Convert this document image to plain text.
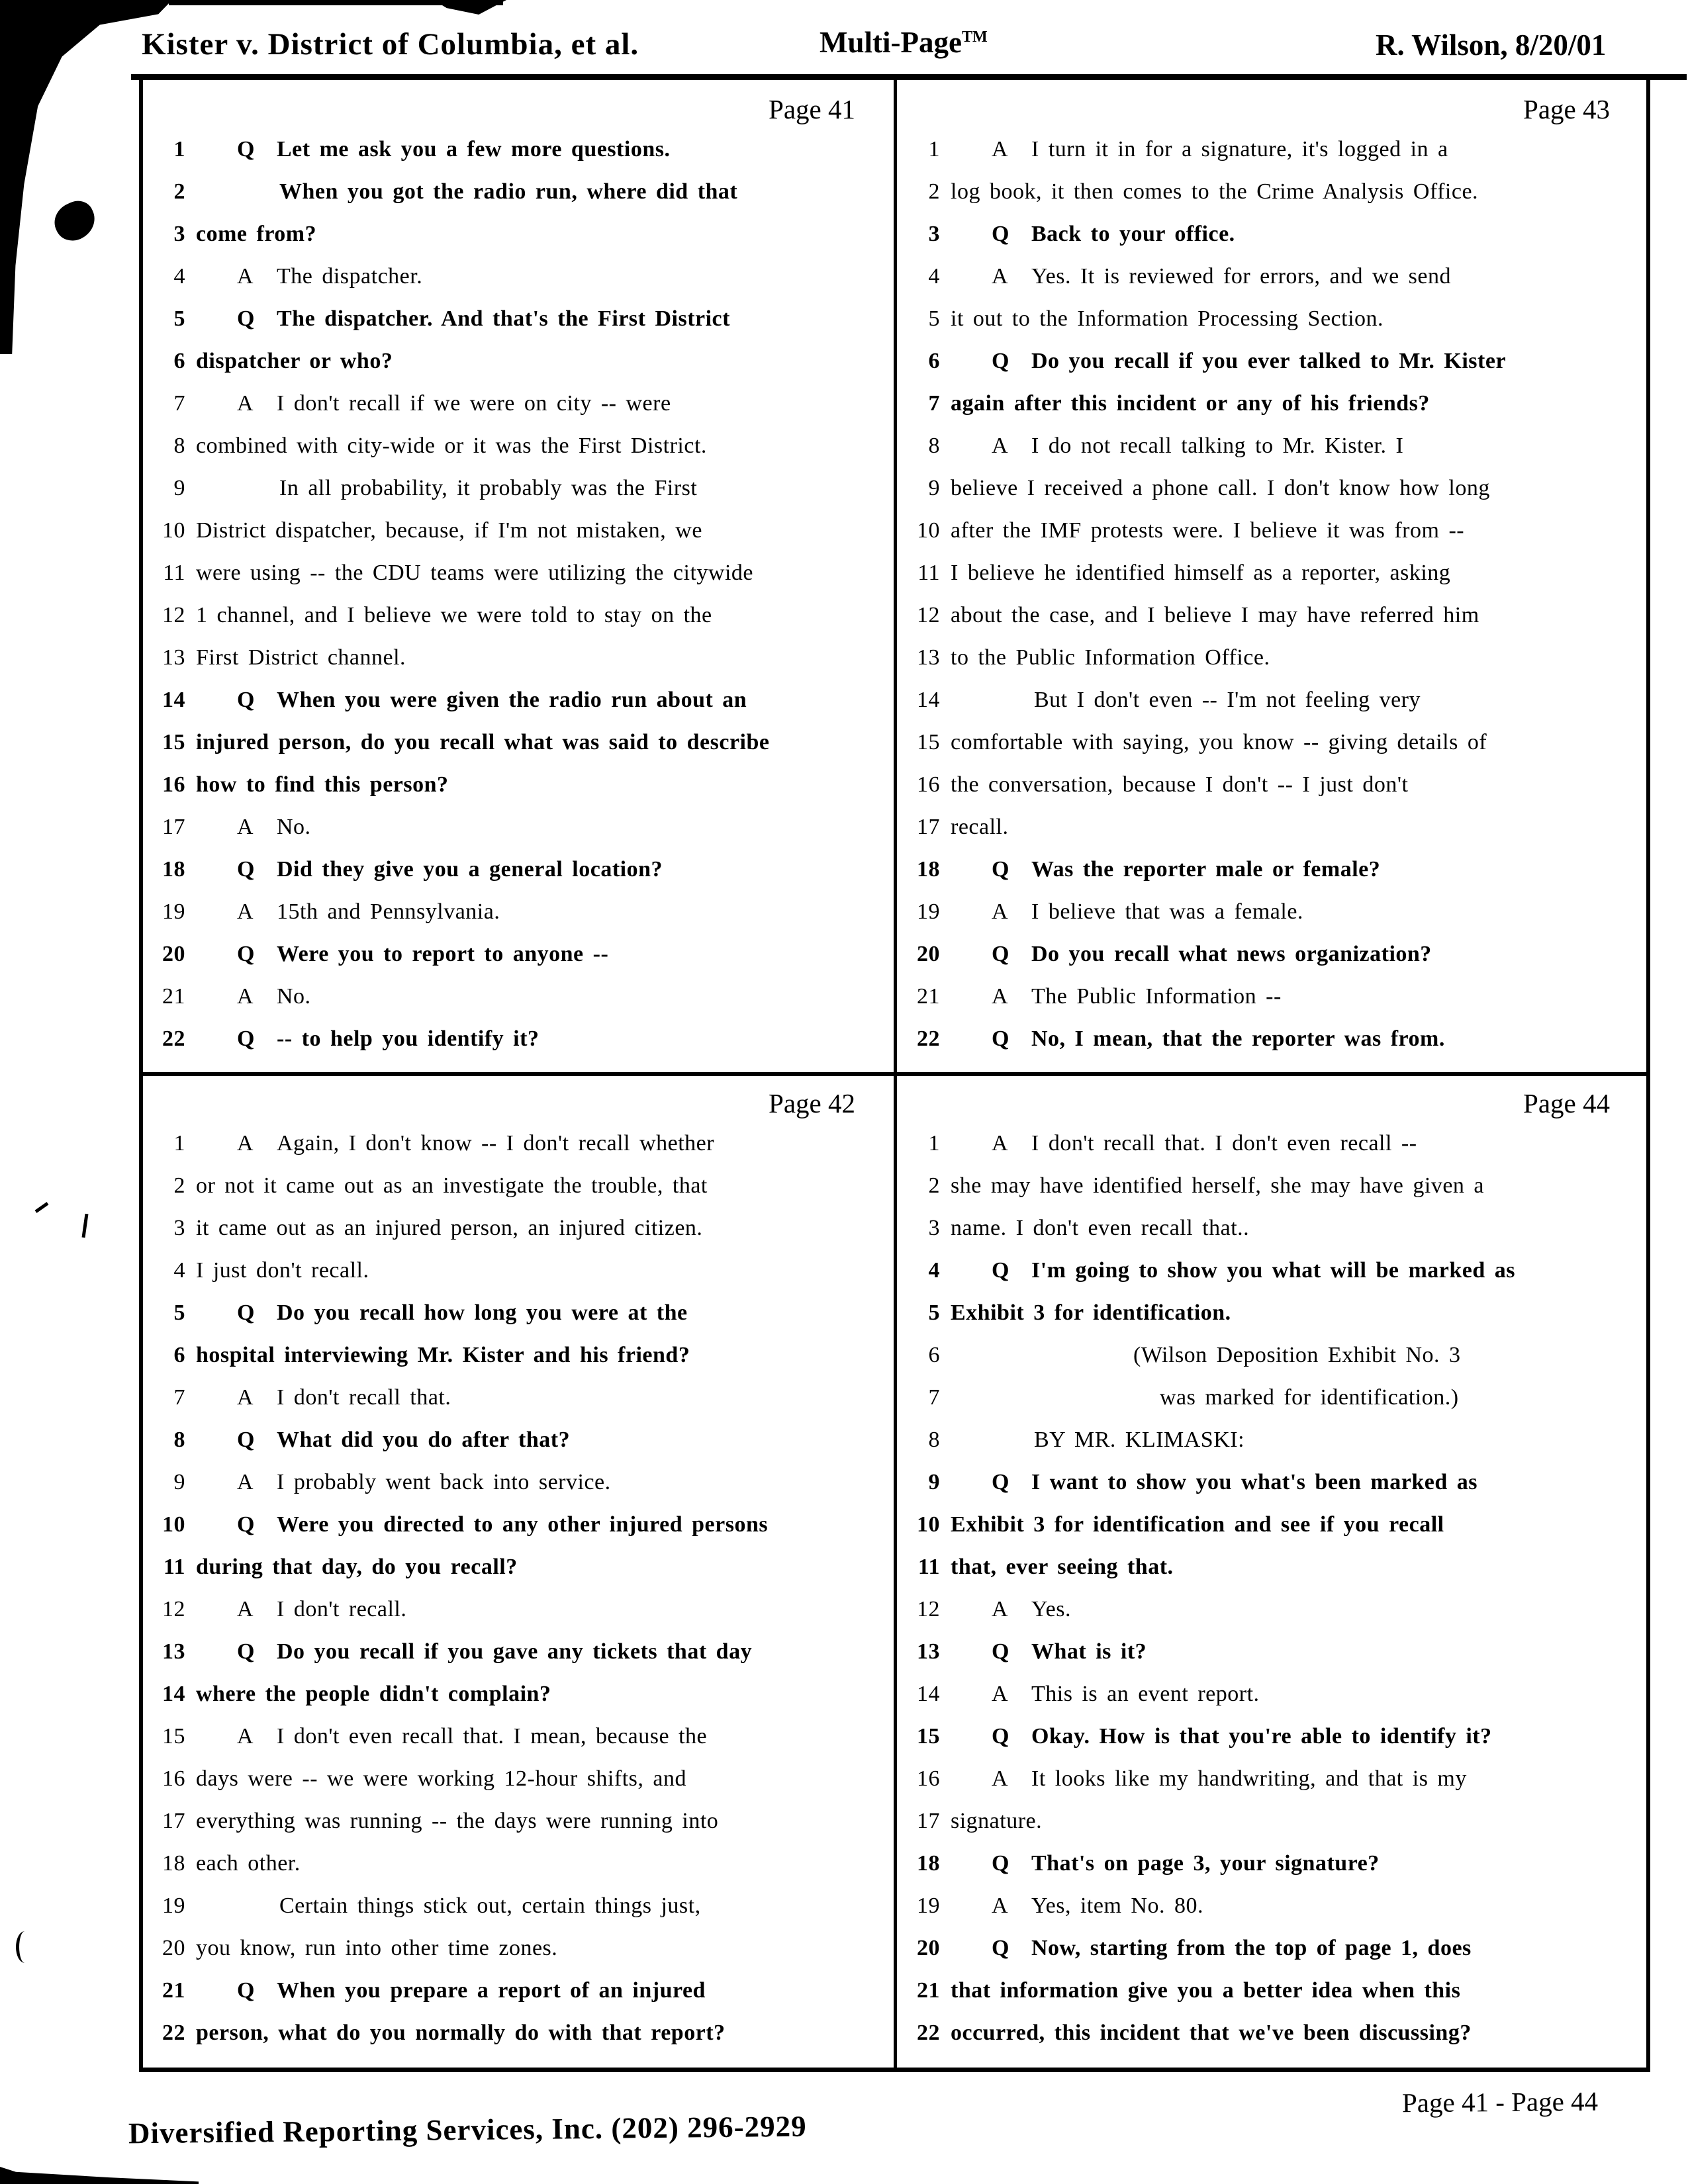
Kister v. District of Columbia, et al.	Multi-Page™	R. Wilson, 8/20/01
Page 41
1 Q Let me ask you a few more questions.
2	When you got the radio run, where did that
3 come from?
4 A The dispatcher.
5 Q The dispatcher. And that's the First District
6 dispatcher or who?
7 A I don't recall if we were on city -- were
8 combined with city-wide or it was the First District.
9	In all probability, it probably was the First
10 District dispatcher, because, if I'm not mistaken, we
11 were using -- the CDU teams were utilizing the citywide
12 1 channel, and I believe we were told to stay on the
13 First District channel.
14 Q When you were given the radio run about an
15 injured person, do you recall what was said to describe
16 how to find this person?
17 A No.
18 Q Did they give you a general location?
19 A 15th and Pennsylvania.
20 Q Were you to report to anyone --
21 A No.
22 Q -- to help you identify it?
Page 43
1 A I turn it in for a signature, it's logged in a
2 log book, it then comes to the Crime Analysis Office.
3 Q Back to your office.
4 A Yes. It is reviewed for errors, and we send
5 it out to the Information Processing Section.
6 Q Do you recall if you ever talked to Mr. Kister
7 again after this incident or any of his friends?
8 A I do not recall talking to Mr. Kister. I
9 believe I received a phone call. I don't know how long
10 after the IMF protests were. I believe it was from --
11 I believe he identified himself as a reporter, asking
12 about the case, and I believe I may have referred him
13 to the Public Information Office.
14	But I don't even -- I'm not feeling very
15 comfortable with saying, you know -- giving details of
16 the conversation, because I don't -- I just don't
17 recall.
18 Q Was the reporter male or female?
19 A I believe that was a female.
20 Q Do you recall what news organization?
21 A The Public Information --
22 Q No, I mean, that the reporter was from.
Page 42
1 A Again, I don't know -- I don't recall whether
2 or not it came out as an investigate the trouble, that
3 it came out as an injured person, an injured citizen.
4 I just don't recall.
5 Q Do you recall how long you were at the
6 hospital interviewing Mr. Kister and his friend?
7 A I don't recall that.
8 Q What did you do after that?
9 A I probably went back into service.
10 Q Were you directed to any other injured persons
11 during that day, do you recall?
12 A I don't recall.
13 Q Do you recall if you gave any tickets that day
14 where the people didn't complain?
15 A I don't even recall that. I mean, because the
16 days were -- we were working 12-hour shifts, and
17 everything was running -- the days were running into
18 each other.
19	Certain things stick out, certain things just,
20 you know, run into other time zones.
21 Q When you prepare a report of an injured
22 person, what do you normally do with that report?
Page 44
1 A I don't recall that. I don't even recall --
2 she may have identified herself, she may have given a
3 name. I don't even recall that..
4 Q I'm going to show you what will be marked as
5 Exhibit 3 for identification.
6	(Wilson Deposition Exhibit No. 3
7	was marked for identification.)
8	BY MR. KLIMASKI:
9 Q I want to show you what's been marked as
10 Exhibit 3 for identification and see if you recall
11 that, ever seeing that.
12 A Yes.
13 Q What is it?
14 A This is an event report.
15 Q Okay. How is that you're able to identify it?
16 A It looks like my handwriting, and that is my
17 signature.
18 Q That's on page 3, your signature?
19 A Yes, item No. 80.
20 Q Now, starting from the top of page 1, does
21 that information give you a better idea when this
22 occurred, this incident that we've been discussing?
Page 41 - Page 44
Diversified Reporting Services, Inc. (202) 296-2929
